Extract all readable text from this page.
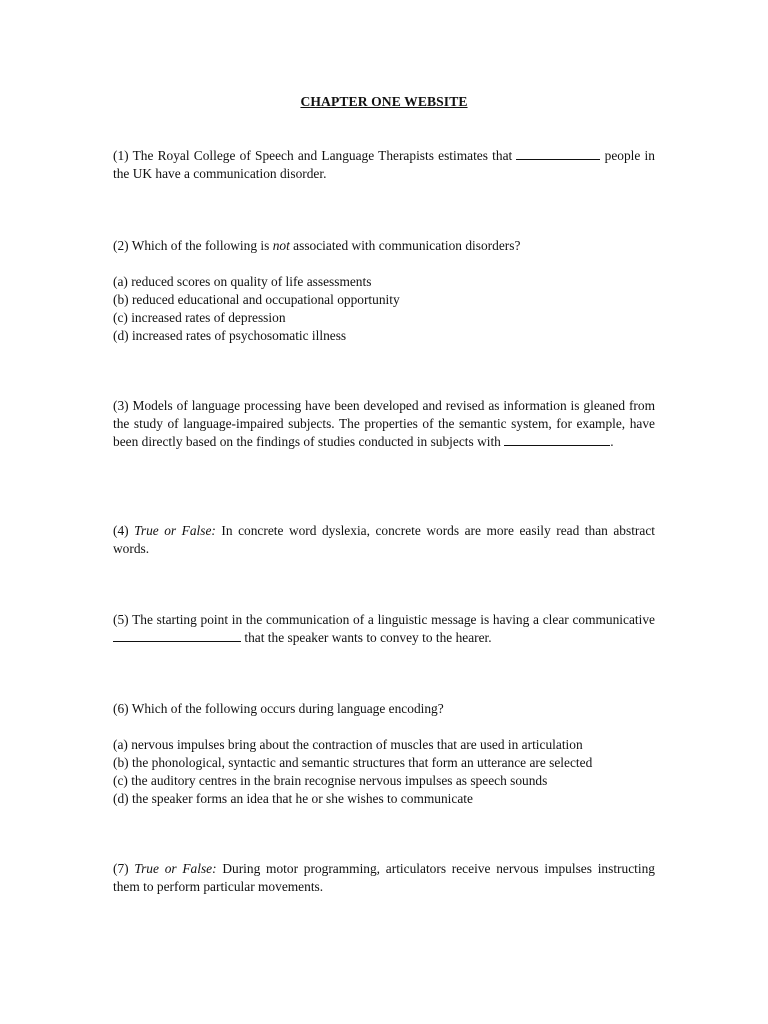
CHAPTER ONE WEBSITE

(1) The Royal College of Speech and Language Therapists estimates that	people in the UK have a communication disorder.

(2) Which of the following is not associated with communication disorders?

(a) reduced scores on quality of life assessments

(b) reduced educational and occupational opportunity

(c) increased rates of depression

(d) increased rates of psychosomatic illness

(3) Models of language processing have been developed and revised as information is gleaned from the study of language-impaired subjects. The properties of the semantic system, for example, have been directly based on the findings of studies conducted in subjects with	.

(4) True or False: In concrete word dyslexia, concrete words are more easily read than abstract words.

(5) The starting point in the communication of a linguistic message is having a clear communicative  that the speaker wants to convey to the hearer.

(6) Which of the following occurs during language encoding?

(a) nervous impulses bring about the contraction of muscles that are used in articulation

(b) the phonological, syntactic and semantic structures that form an utterance are selected

(c) the auditory centres in the brain recognise nervous impulses as speech sounds

(d) the speaker forms an idea that he or she wishes to communicate

(7) True or False: During motor programming, articulators receive nervous impulses instructing them to perform particular movements.
